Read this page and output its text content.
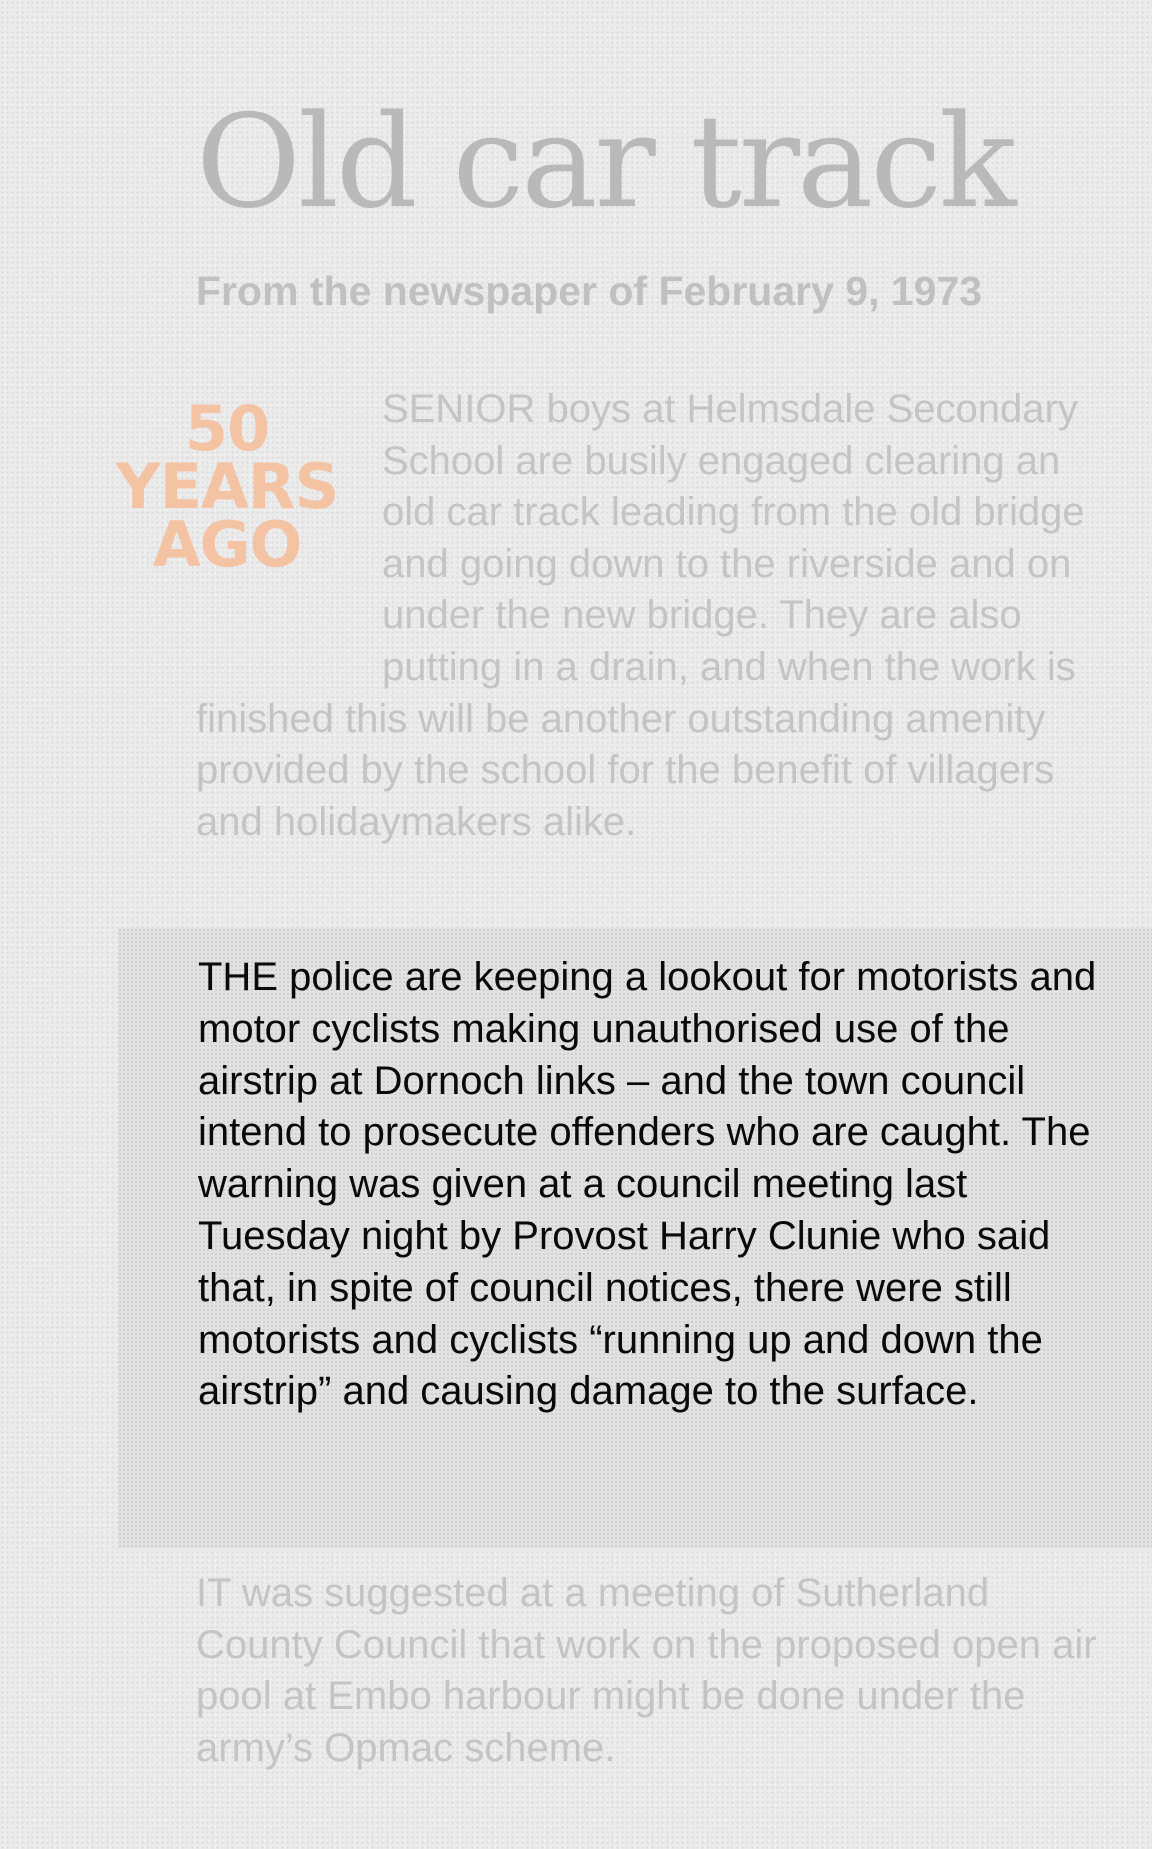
Old car track
From the newspaper of February 9, 1973
50
YEARS
AGO

SENIOR boys at Helmsdale Secondary School are busily engaged clearing an old car track leading from the old bridge and going down to the riverside and on under the new bridge. They are also putting in a drain, and when the work is finished this will be another outstanding amenity provided by the school for the benefit of villagers and holidaymakers alike.

THE police are keeping a lookout for motorists and motor cyclists making unauthorised use of the airstrip at Dornoch links – and the town council intend to prosecute offenders who are caught. The warning was given at a council meeting last Tuesday night by Provost Harry Clunie who said that, in spite of council notices, there were still motorists and cyclists “running up and down the airstrip” and causing damage to the surface.

IT was suggested at a meeting of Sutherland County Council that work on the proposed open air pool at Embo harbour might be done under the army’s Opmac scheme.
